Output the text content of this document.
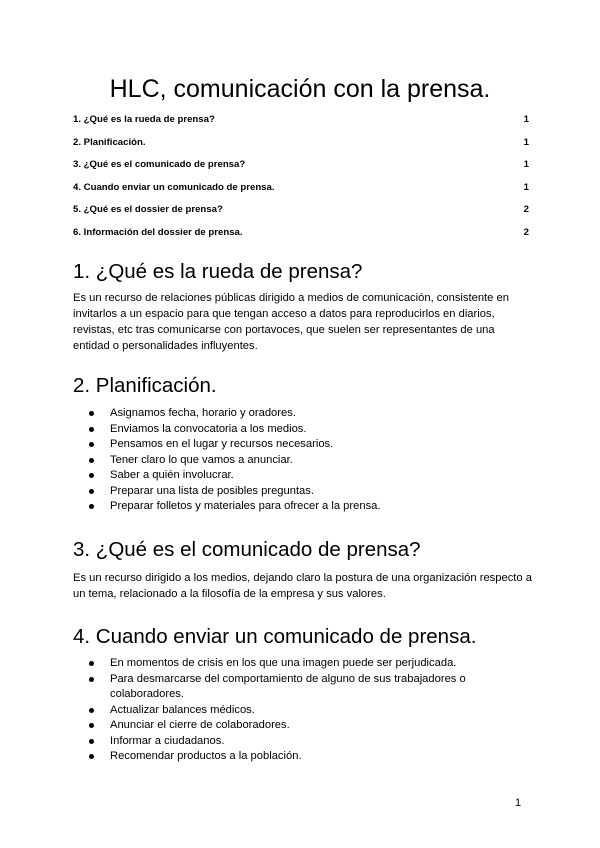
HLC, comunicación con la prensa.
1. ¿Qué es la rueda de prensa?	1
2. Planificación.	1
3. ¿Qué es el comunicado de prensa?	1
4. Cuando enviar un comunicado de prensa.	1
5. ¿Qué es el dossier de prensa?	2
6. Información del dossier de prensa.	2
1. ¿Qué es la rueda de prensa?

Es un recurso de relaciones públicas dirigido a medios de comunicación, consistente en invitarlos a un espacio para que tengan acceso a datos para reproducirlos en diarios, revistas, etc tras comunicarse con portavoces, que suelen ser representantes de una entidad o personalidades influyentes.

2. Planificación.
Asignamos fecha, horario y oradores.
Enviamos la convocatoria a los medios.
Pensamos en el lugar y recursos necesarios.
Tener claro lo que vamos a anunciar.
Saber a quién involucrar.
Preparar una lista de posibles preguntas.
Preparar folletos y materiales para ofrecer a la prensa.
3. ¿Qué es el comunicado de prensa?

Es un recurso dirigido a los medios, dejando claro la postura de una organización respecto a un tema, relacionado a la filosofía de la empresa y sus valores.

4. Cuando enviar un comunicado de prensa.
En momentos de crisis en los que una imagen puede ser perjudicada.
Para desmarcarse del comportamiento de alguno de sus trabajadores o colaboradores.
Actualizar balances médicos.
Anunciar el cierre de colaboradores.
Informar a ciudadanos.
Recomendar productos a la población.
1
